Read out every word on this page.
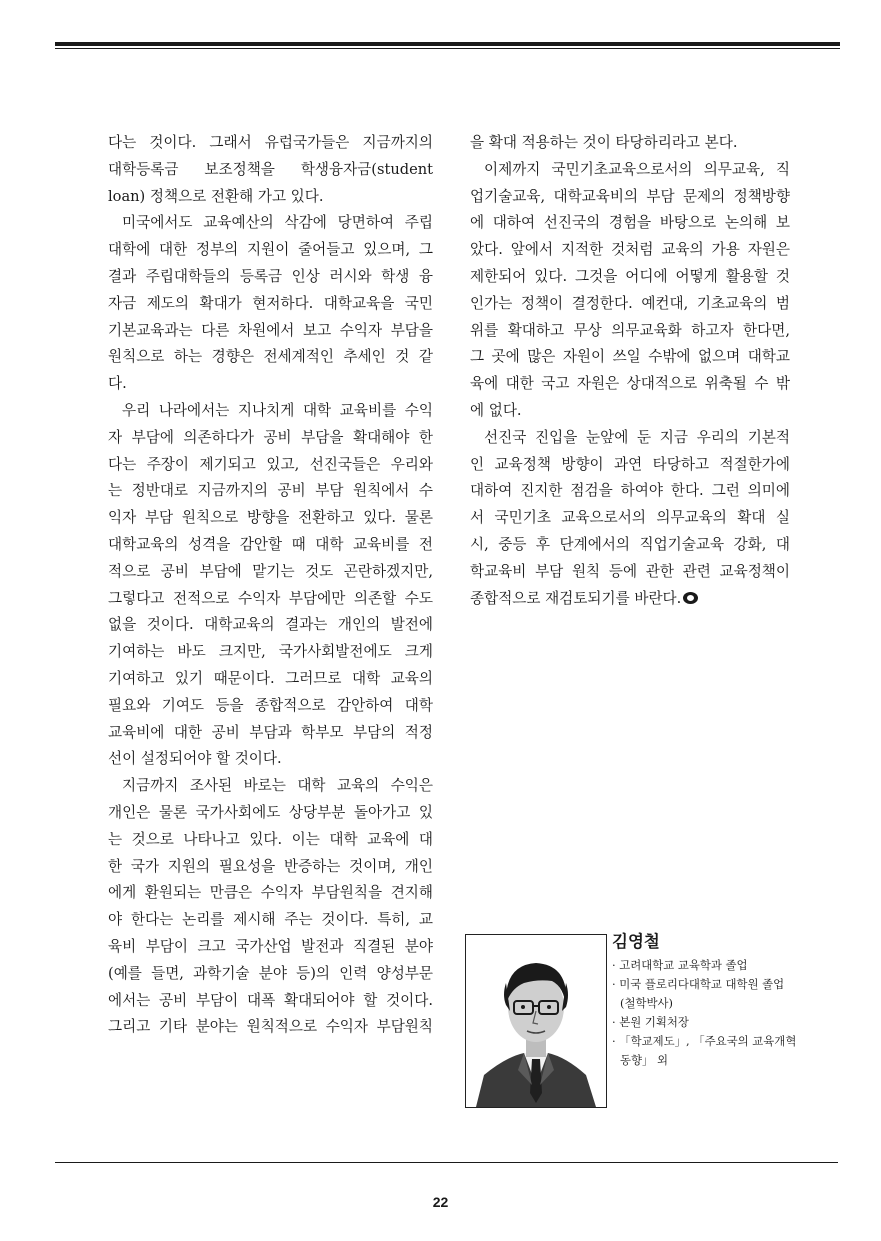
다는 것이다. 그래서 유럽국가들은 지금까지의
대학등록금 보조정책을 학생융자금(student
loan) 정책으로 전환해 가고 있다.
미국에서도 교육예산의 삭감에 당면하여 주립
대학에 대한 정부의 지원이 줄어들고 있으며, 그
결과 주립대학들의 등록금 인상 러시와 학생 융
자금 제도의 확대가 현저하다. 대학교육을 국민
기본교육과는 다른 차원에서 보고 수익자 부담을
원칙으로 하는 경향은 전세계적인 추세인 것 같
다.
우리 나라에서는 지나치게 대학 교육비를 수익
자 부담에 의존하다가 공비 부담을 확대해야 한
다는 주장이 제기되고 있고, 선진국들은 우리와
는 정반대로 지금까지의 공비 부담 원칙에서 수
익자 부담 원칙으로 방향을 전환하고 있다. 물론
대학교육의 성격을 감안할 때 대학 교육비를 전
적으로 공비 부담에 맡기는 것도 곤란하겠지만,
그렇다고 전적으로 수익자 부담에만 의존할 수도
없을 것이다. 대학교육의 결과는 개인의 발전에
기여하는 바도 크지만, 국가사회발전에도 크게
기여하고 있기 때문이다. 그러므로 대학 교육의
필요와 기여도 등을 종합적으로 감안하여 대학
교육비에 대한 공비 부담과 학부모 부담의 적정
선이 설정되어야 할 것이다.
지금까지 조사된 바로는 대학 교육의 수익은
개인은 물론 국가사회에도 상당부분 돌아가고 있
는 것으로 나타나고 있다. 이는 대학 교육에 대
한 국가 지원의 필요성을 반증하는 것이며, 개인
에게 환원되는 만큼은 수익자 부담원칙을 견지해
야 한다는 논리를 제시해 주는 것이다. 특히, 교
육비 부담이 크고 국가산업 발전과 직결된 분야
(예를 들면, 과학기술 분야 등)의 인력 양성부문
에서는 공비 부담이 대폭 확대되어야 할 것이다.
그리고 기타 분야는 원칙적으로 수익자 부담원칙
을 확대 적용하는 것이 타당하리라고 본다.
이제까지 국민기초교육으로서의 의무교육, 직
업기술교육, 대학교육비의 부담 문제의 정책방향
에 대하여 선진국의 경험을 바탕으로 논의해 보
았다. 앞에서 지적한 것처럼 교육의 가용 자원은
제한되어 있다. 그것을 어디에 어떻게 활용할 것
인가는 정책이 결정한다. 예컨대, 기초교육의 범
위를 확대하고 무상 의무교육화 하고자 한다면,
그 곳에 많은 자원이 쓰일 수밖에 없으며 대학교
육에 대한 국고 자원은 상대적으로 위축될 수 밖
에 없다.
선진국 진입을 눈앞에 둔 지금 우리의 기본적
인 교육정책 방향이 과연 타당하고 적절한가에
대하여 진지한 점검을 하여야 한다. 그런 의미에
서 국민기초 교육으로서의 의무교육의 확대 실
시, 중등 후 단계에서의 직업기술교육 강화, 대
학교육비 부담 원칙 등에 관한 관련 교육정책이
종합적으로 재검토되기를 바란다.
김영철
· 고려대학교 교육학과 졸업
· 미국 플로리다대학교 대학원 졸업
(철학박사)
· 본원 기획처장
· 「학교제도」, 「주요국의 교육개혁
동향」 외
22
